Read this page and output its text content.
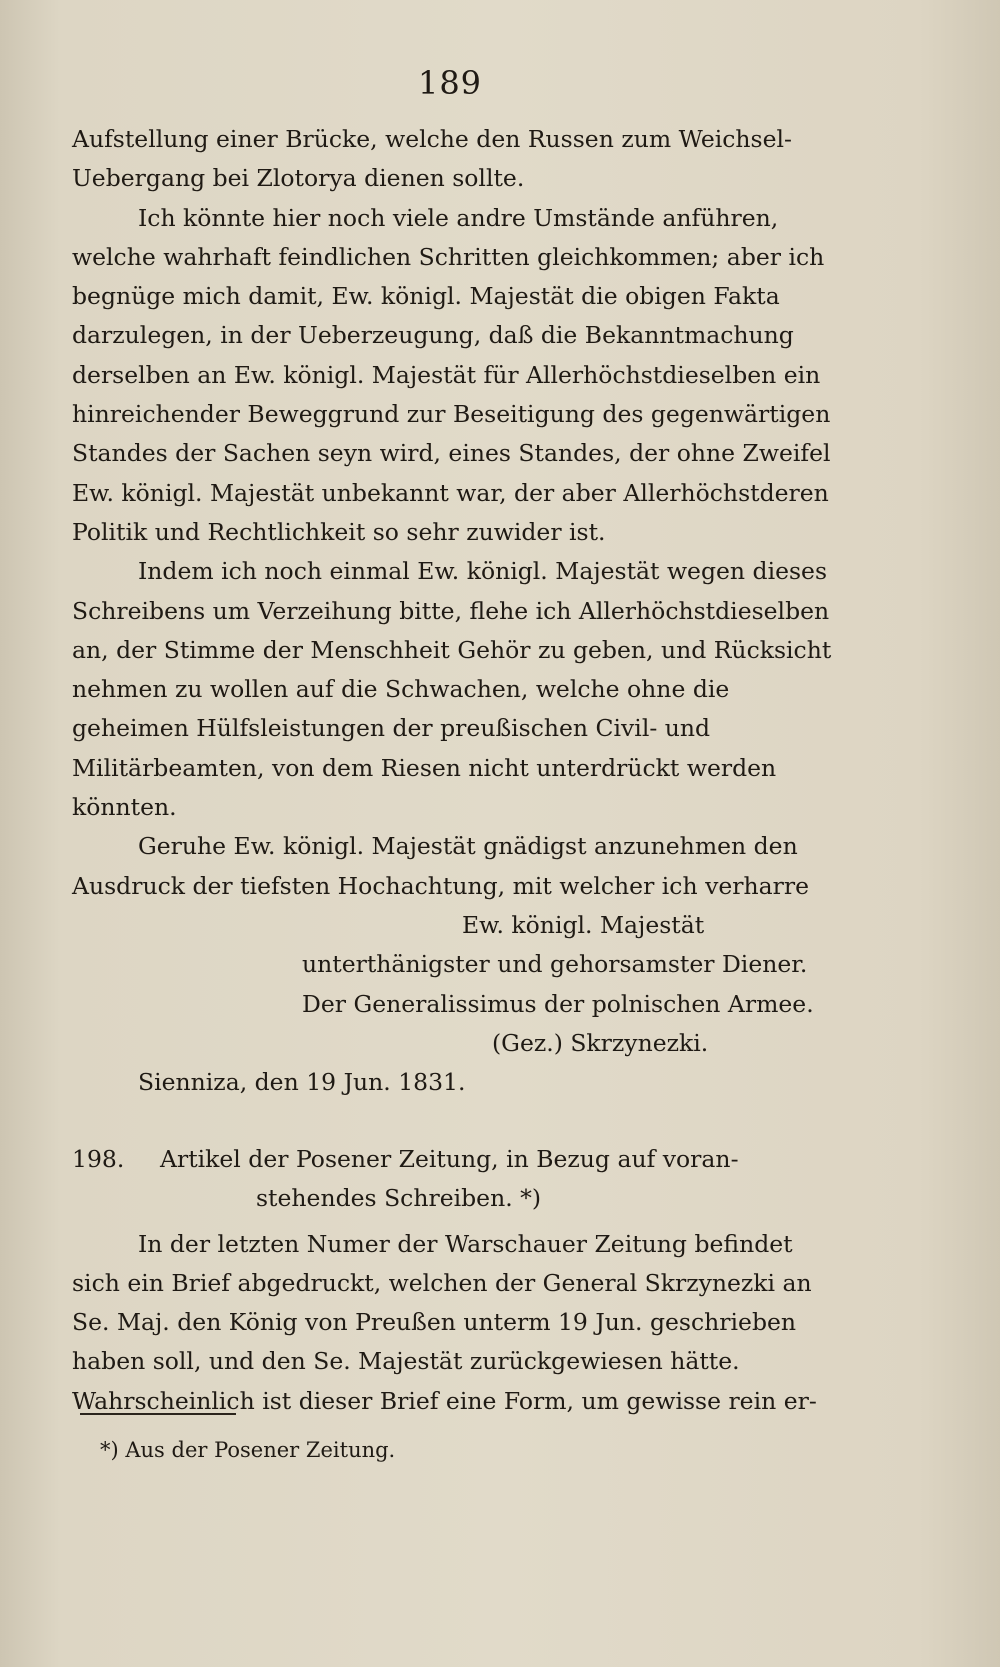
189

Aufstellung einer Brücke, welche den Russen zum Weichsel-Uebergang bei Zlotorya dienen sollte.

Ich könnte hier noch viele andre Umstände anführen, welche wahrhaft feindlichen Schritten gleichkommen; aber ich begnüge mich damit, Ew. königl. Majestät die obigen Fakta darzulegen, in der Ueberzeugung, daß die Bekanntmachung derselben an Ew. königl. Majestät für Allerhöchstdieselben ein hinreichender Beweggrund zur Beseitigung des gegenwärtigen Standes der Sachen seyn wird, eines Standes, der ohne Zweifel Ew. königl. Majestät unbekannt war, der aber Allerhöchstderen Politik und Rechtlichkeit so sehr zuwider ist.

Indem ich noch einmal Ew. königl. Majestät wegen dieses Schreibens um Verzeihung bitte, flehe ich Allerhöchstdieselben an, der Stimme der Menschheit Gehör zu geben, und Rücksicht nehmen zu wollen auf die Schwachen, welche ohne die geheimen Hülfsleistungen der preußischen Civil- und Militärbeamten, von dem Riesen nicht unterdrückt werden könnten.

Geruhe Ew. königl. Majestät gnädigst anzunehmen den Ausdruck der tiefsten Hochachtung, mit welcher ich verharre

Ew. königl. Majestät
unterthänigster und gehorsamster Diener.
Der Generalissimus der polnischen Armee.
(Gez.) Skrzynezki.

Sienniza, den 19 Jun. 1831.

198.	Artikel der Posener Zeitung, in Bezug auf voran-
stehendes Schreiben. *)

In der letzten Numer der Warschauer Zeitung befindet sich ein Brief abgedruckt, welchen der General Skrzynezki an Se. Maj. den König von Preußen unterm 19 Jun. geschrieben haben soll, und den Se. Majestät zurückgewiesen hätte. Wahrscheinlich ist dieser Brief eine Form, um gewisse rein er-

*) Aus der Posener Zeitung.
